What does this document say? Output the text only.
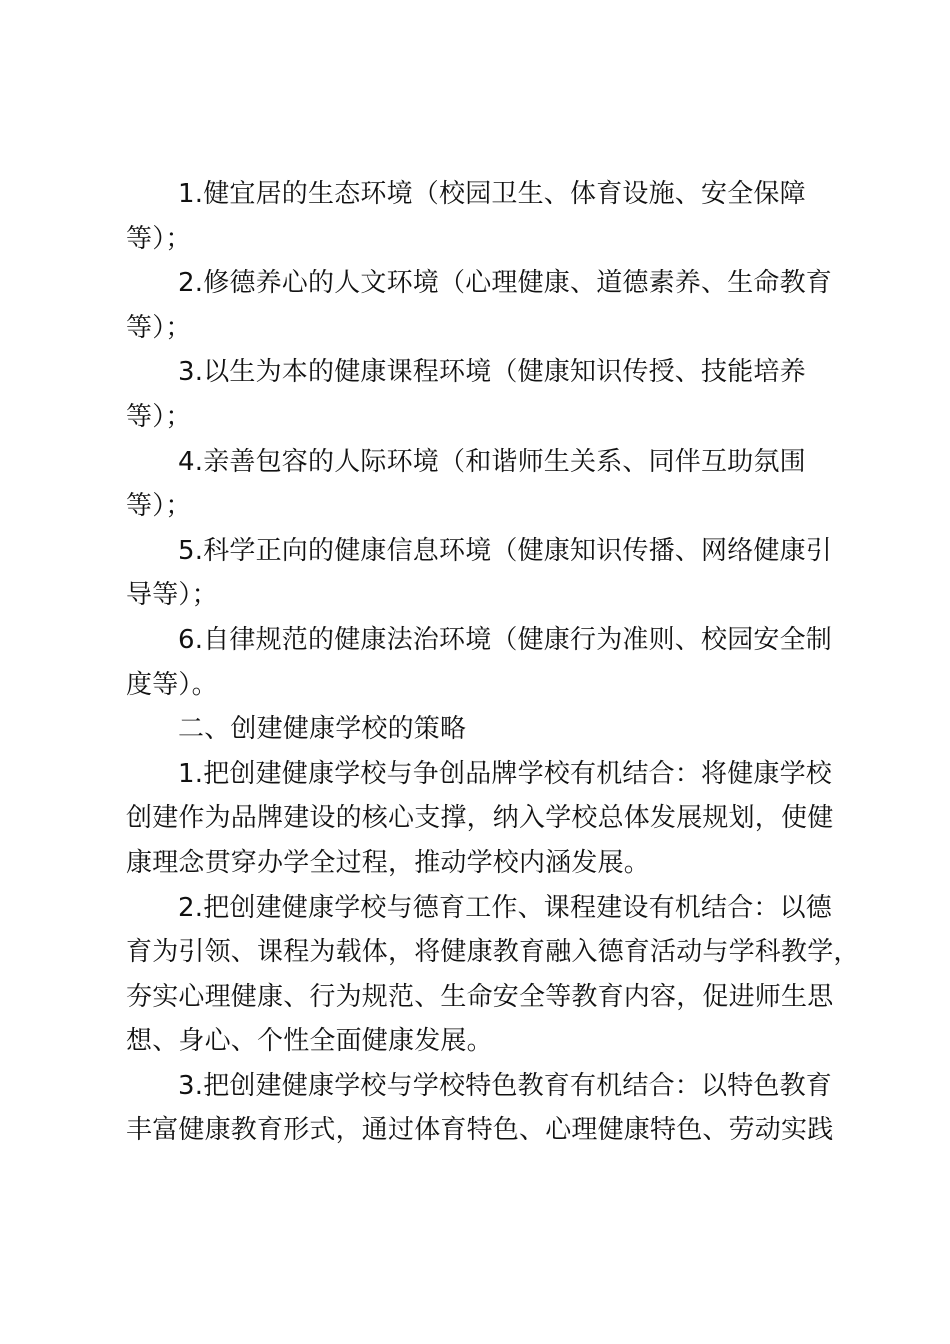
1.健宜居的生态环境（校园卫生、体育设施、安全保障
等）；
2.修德养心的人文环境（心理健康、道德素养、生命教育
等）；
3.以生为本的健康课程环境（健康知识传授、技能培养
等）；
4.亲善包容的人际环境（和谐师生关系、同伴互助氛围
等）；
5.科学正向的健康信息环境（健康知识传播、网络健康引
导等）；
6.自律规范的健康法治环境（健康行为准则、校园安全制
度等）。
二、创建健康学校的策略
1.把创建健康学校与争创品牌学校有机结合：将健康学校
创建作为品牌建设的核心支撑，纳入学校总体发展规划，使健
康理念贯穿办学全过程，推动学校内涵发展。
2.把创建健康学校与德育工作、课程建设有机结合：以德
育为引领、课程为载体，将健康教育融入德育活动与学科教学，
夯实心理健康、行为规范、生命安全等教育内容，促进师生思
想、身心、个性全面健康发展。
3.把创建健康学校与学校特色教育有机结合：以特色教育
丰富健康教育形式，通过体育特色、心理健康特色、劳动实践
